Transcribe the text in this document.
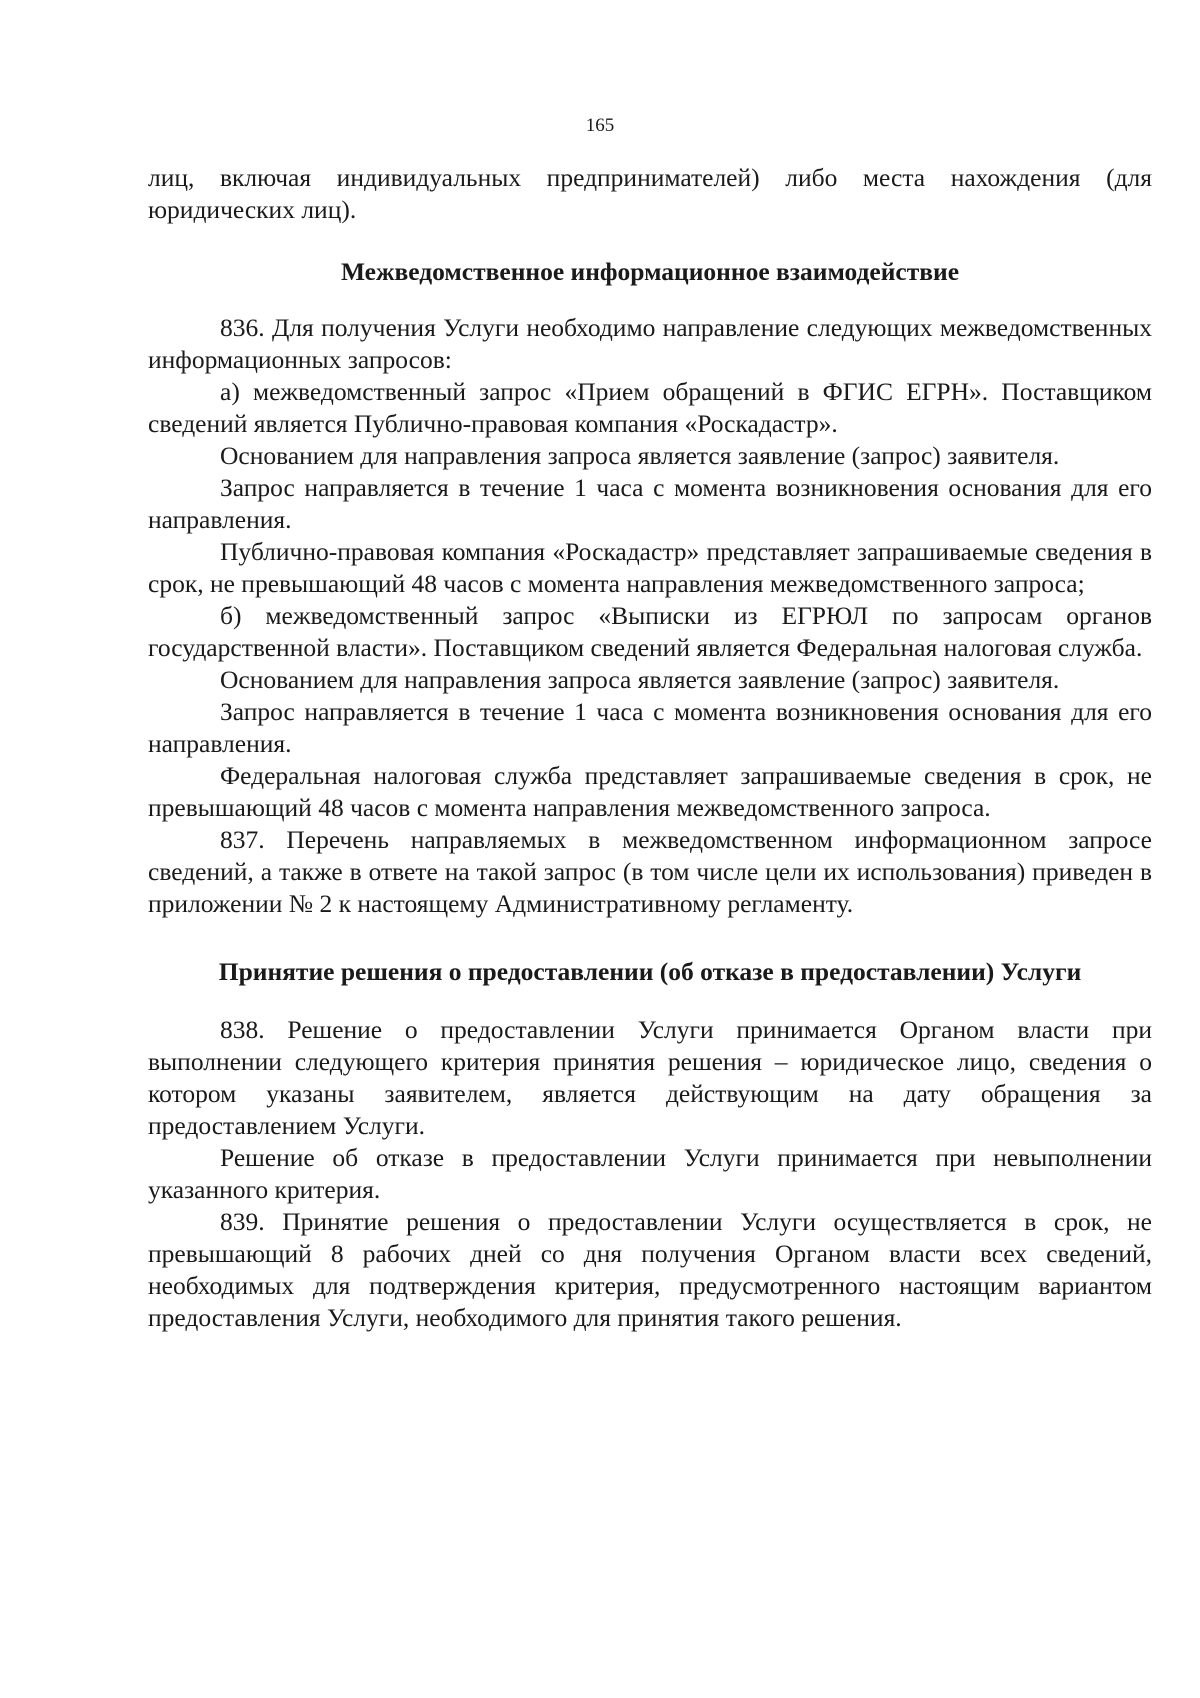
165

лиц, включая индивидуальных предпринимателей) либо места нахождения (для юридических лиц).

Межведомственное информационное взаимодействие

836. Для получения Услуги необходимо направление следующих межведомственных информационных запросов:

а) межведомственный запрос «Прием обращений в ФГИС ЕГРН». Поставщиком сведений является Публично-правовая компания «Роскадастр».

Основанием для направления запроса является заявление (запрос) заявителя.

Запрос направляется в течение 1 часа с момента возникновения основания для его направления.

Публично-правовая компания «Роскадастр» представляет запрашиваемые сведения в срок, не превышающий 48 часов с момента направления межведомственного запроса;

б) межведомственный запрос «Выписки из ЕГРЮЛ по запросам органов государственной власти». Поставщиком сведений является Федеральная налоговая служба.

Основанием для направления запроса является заявление (запрос) заявителя.

Запрос направляется в течение 1 часа с момента возникновения основания для его направления.

Федеральная налоговая служба представляет запрашиваемые сведения в срок, не превышающий 48 часов с момента направления межведомственного запроса.

837. Перечень направляемых в межведомственном информационном запросе сведений, а также в ответе на такой запрос (в том числе цели их использования) приведен в приложении № 2 к настоящему Административному регламенту.

Принятие решения о предоставлении (об отказе в предоставлении) Услуги

838. Решение о предоставлении Услуги принимается Органом власти при выполнении следующего критерия принятия решения – юридическое лицо, сведения о котором указаны заявителем, является действующим на дату обращения за предоставлением Услуги.

Решение об отказе в предоставлении Услуги принимается при невыполнении указанного критерия.

839. Принятие решения о предоставлении Услуги осуществляется в срок, не превышающий 8 рабочих дней со дня получения Органом власти всех сведений, необходимых для подтверждения критерия, предусмотренного настоящим вариантом предоставления Услуги, необходимого для принятия такого решения.
